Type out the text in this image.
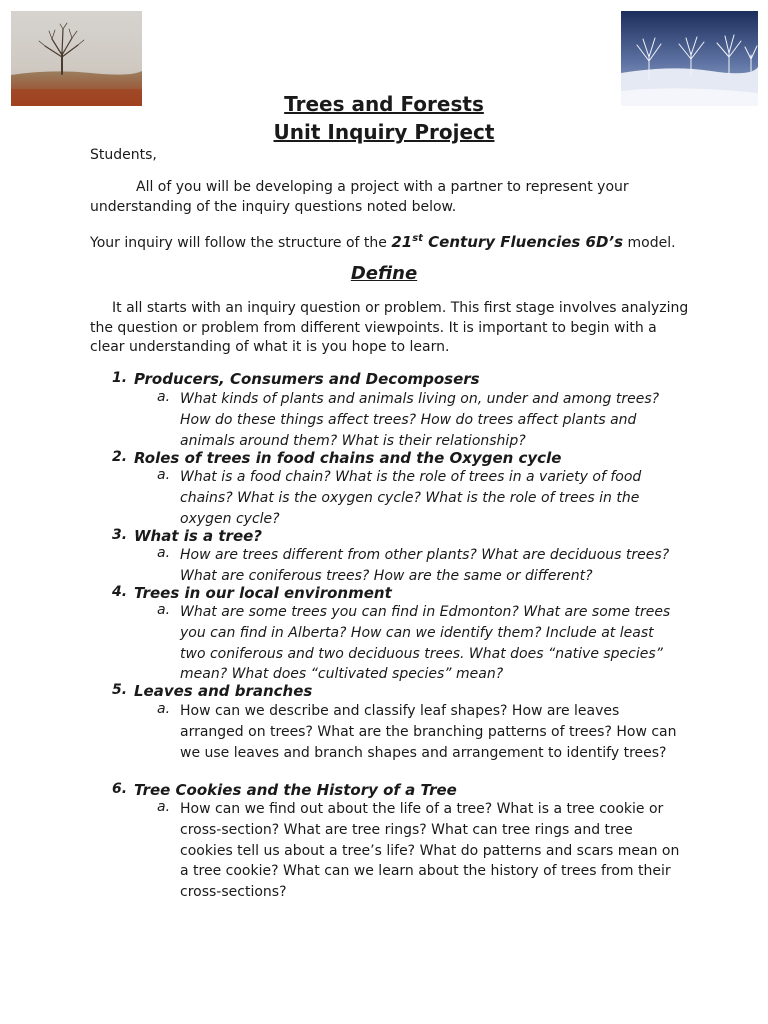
Trees and Forests
Unit Inquiry Project

Students,

All of you will be developing a project with a partner to represent your understanding of the inquiry questions noted below.

Your inquiry will follow the structure of the 21st Century Fluencies 6D’s model.

Define

It all starts with an inquiry question or problem. This first stage involves analyzing the question or problem from different viewpoints. It is important to begin with a clear understanding of what it is you hope to learn.

1. Producers, Consumers and Decomposers
a. What kinds of plants and animals living on, under and among trees? How do these things affect trees? How do trees affect plants and animals around them? What is their relationship?

2. Roles of trees in food chains and the Oxygen cycle
a. What is a food chain? What is the role of trees in a variety of food chains? What is the oxygen cycle? What is the role of trees in the oxygen cycle?

3. What is a tree?
a. How are trees different from other plants? What are deciduous trees? What are coniferous trees? How are the same or different?

4. Trees in our local environment
a. What are some trees you can find in Edmonton? What are some trees you can find in Alberta? How can we identify them? Include at least two coniferous and two deciduous trees. What does “native species” mean? What does “cultivated species” mean?

5. Leaves and branches
a. How can we describe and classify leaf shapes? How are leaves arranged on trees? What are the branching patterns of trees? How can we use leaves and branch shapes and arrangement to identify trees?

6. Tree Cookies and the History of a Tree
a. How can we find out about the life of a tree? What is a tree cookie or cross-section? What are tree rings? What can tree rings and tree cookies tell us about a tree’s life? What do patterns and scars mean on a tree cookie? What can we learn about the history of trees from their cross-sections?
